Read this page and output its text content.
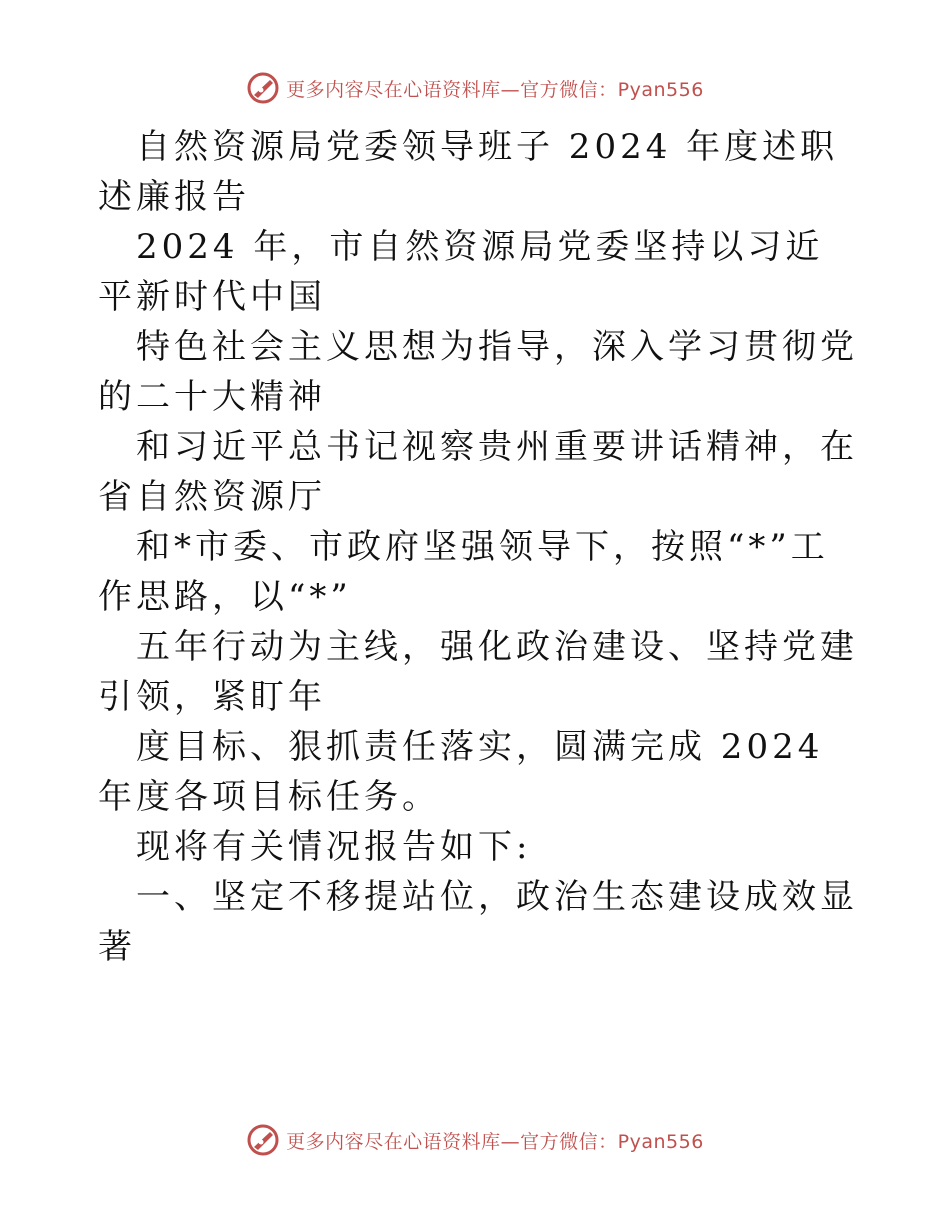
更多内容尽在心语资料库—官方微信：Pyan556

自然资源局党委领导班子 2024 年度述职述廉报告

2024 年，市自然资源局党委坚持以习近平新时代中国

特色社会主义思想为指导，深入学习贯彻党的二十大精神

和习近平总书记视察贵州重要讲话精神，在省自然资源厅

和*市委、市政府坚强领导下，按照“*”工作思路，以“*”

五年行动为主线，强化政治建设、坚持党建引领，紧盯年

度目标、狠抓责任落实，圆满完成 2024 年度各项目标任务。

现将有关情况报告如下:

一、坚定不移提站位，政治生态建设成效显著

更多内容尽在心语资料库—官方微信：Pyan556
